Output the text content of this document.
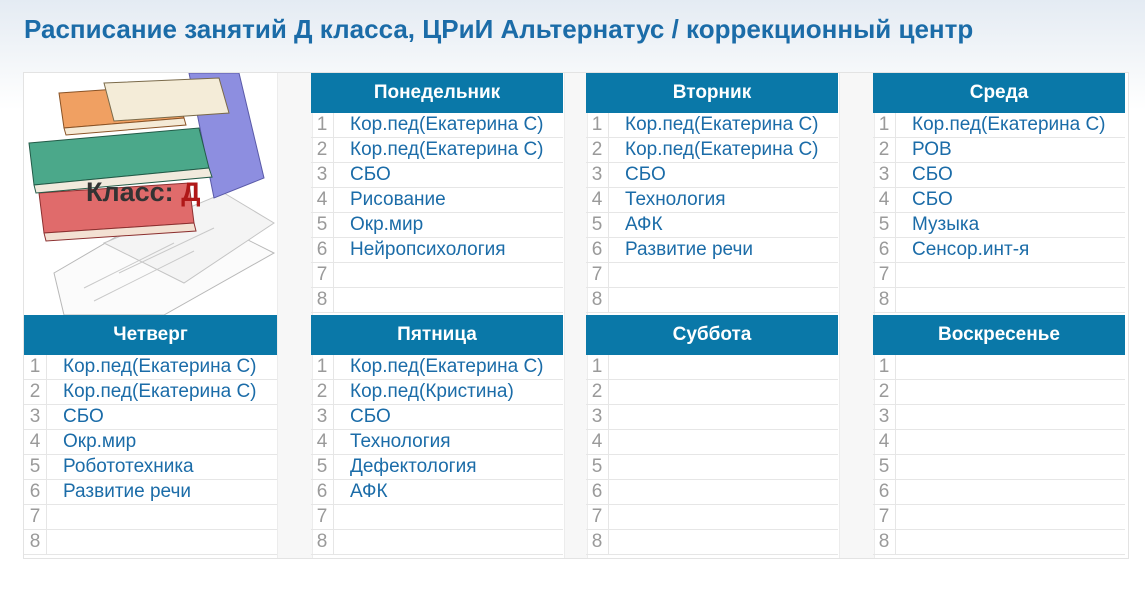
Расписание занятий Д класса, ЦРиИ Альтернатус / коррекционный центр
Класс: Д
Понедельник
1	Кор.пед(Екатерина С)
2	Кор.пед(Екатерина С)
3	СБО
4	Рисование
5	Окр.мир
6	Нейропсихология
7
8
Вторник
1	Кор.пед(Екатерина С)
2	Кор.пед(Екатерина С)
3	СБО
4	Технология
5	АФК
6	Развитие речи
7
8
Среда
1	Кор.пед(Екатерина С)
2	РОВ
3	СБО
4	СБО
5	Музыка
6	Сенсор.инт-я
7
8
Четверг
1	Кор.пед(Екатерина С)
2	Кор.пед(Екатерина С)
3	СБО
4	Окр.мир
5	Робототехника
6	Развитие речи
7
8
Пятница
1	Кор.пед(Екатерина С)
2	Кор.пед(Кристина)
3	СБО
4	Технология
5	Дефектология
6	АФК
7
8
Суббота
1
2
3
4
5
6
7
8
Воскресенье
1
2
3
4
5
6
7
8
